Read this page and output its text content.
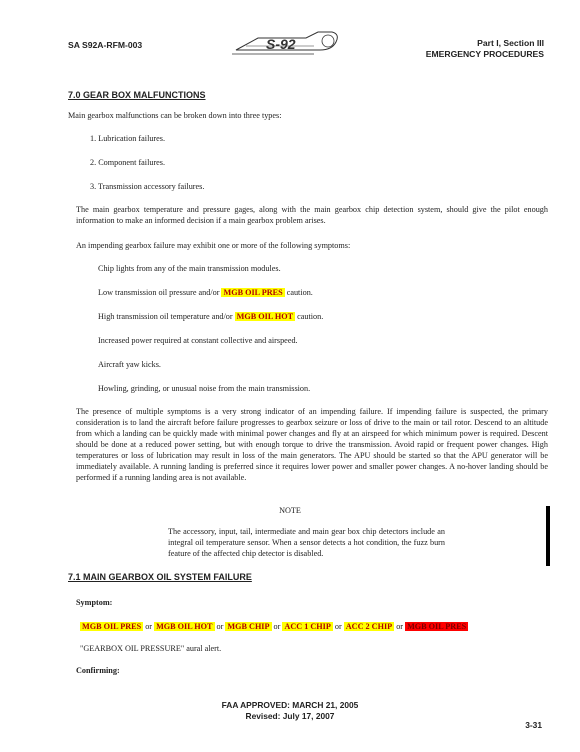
SA S92A-RFM-003	S-92	Part I, Section III
EMERGENCY PROCEDURES
7.0 GEAR BOX MALFUNCTIONS
Main gearbox malfunctions can be broken down into three types:
1. Lubrication failures.
2. Component failures.
3. Transmission accessory failures.
The main gearbox temperature and pressure gages, along with the main gearbox chip detection system, should give the pilot enough information to make an informed decision if a main gearbox problem arises.
An impending gearbox failure may exhibit one or more of the following symptoms:
Chip lights from any of the main transmission modules.
Low transmission oil pressure and/or MGB OIL PRES caution.
High transmission oil temperature and/or MGB OIL HOT caution.
Increased power required at constant collective and airspeed.
Aircraft yaw kicks.
Howling, grinding, or unusual noise from the main transmission.
The presence of multiple symptoms is a very strong indicator of an impending failure. If impending failure is suspected, the primary consideration is to land the aircraft before failure progresses to gearbox seizure or loss of drive to the main or tail rotor. Descend to an altitude from which a landing can be quickly made with minimal power changes and fly at an airspeed for which minimum power is required. Descent should be done at a reduced power setting, but with enough torque to drive the transmission. Avoid rapid or frequent power changes. High temperatures or loss of lubrication may result in loss of the main generators. The APU should be started so that the APU generator will be immediately available. A running landing is preferred since it requires lower power and smaller power changes. A no-hover landing should be performed if a running landing area is not available.
NOTE
The accessory, input, tail, intermediate and main gear box chip detectors include an integral oil temperature sensor. When a sensor detects a hot condition, the fuzz burn feature of the affected chip detector is disabled.
7.1 MAIN GEARBOX OIL SYSTEM FAILURE
Symptom:
MGB OIL PRES or MGB OIL HOT or MGB CHIP or ACC 1 CHIP or ACC 2 CHIP or MGB OIL PRES
"GEARBOX OIL PRESSURE" aural alert.
Confirming:
FAA APPROVED: MARCH 21, 2005
Revised: July 17, 2007
3-31
